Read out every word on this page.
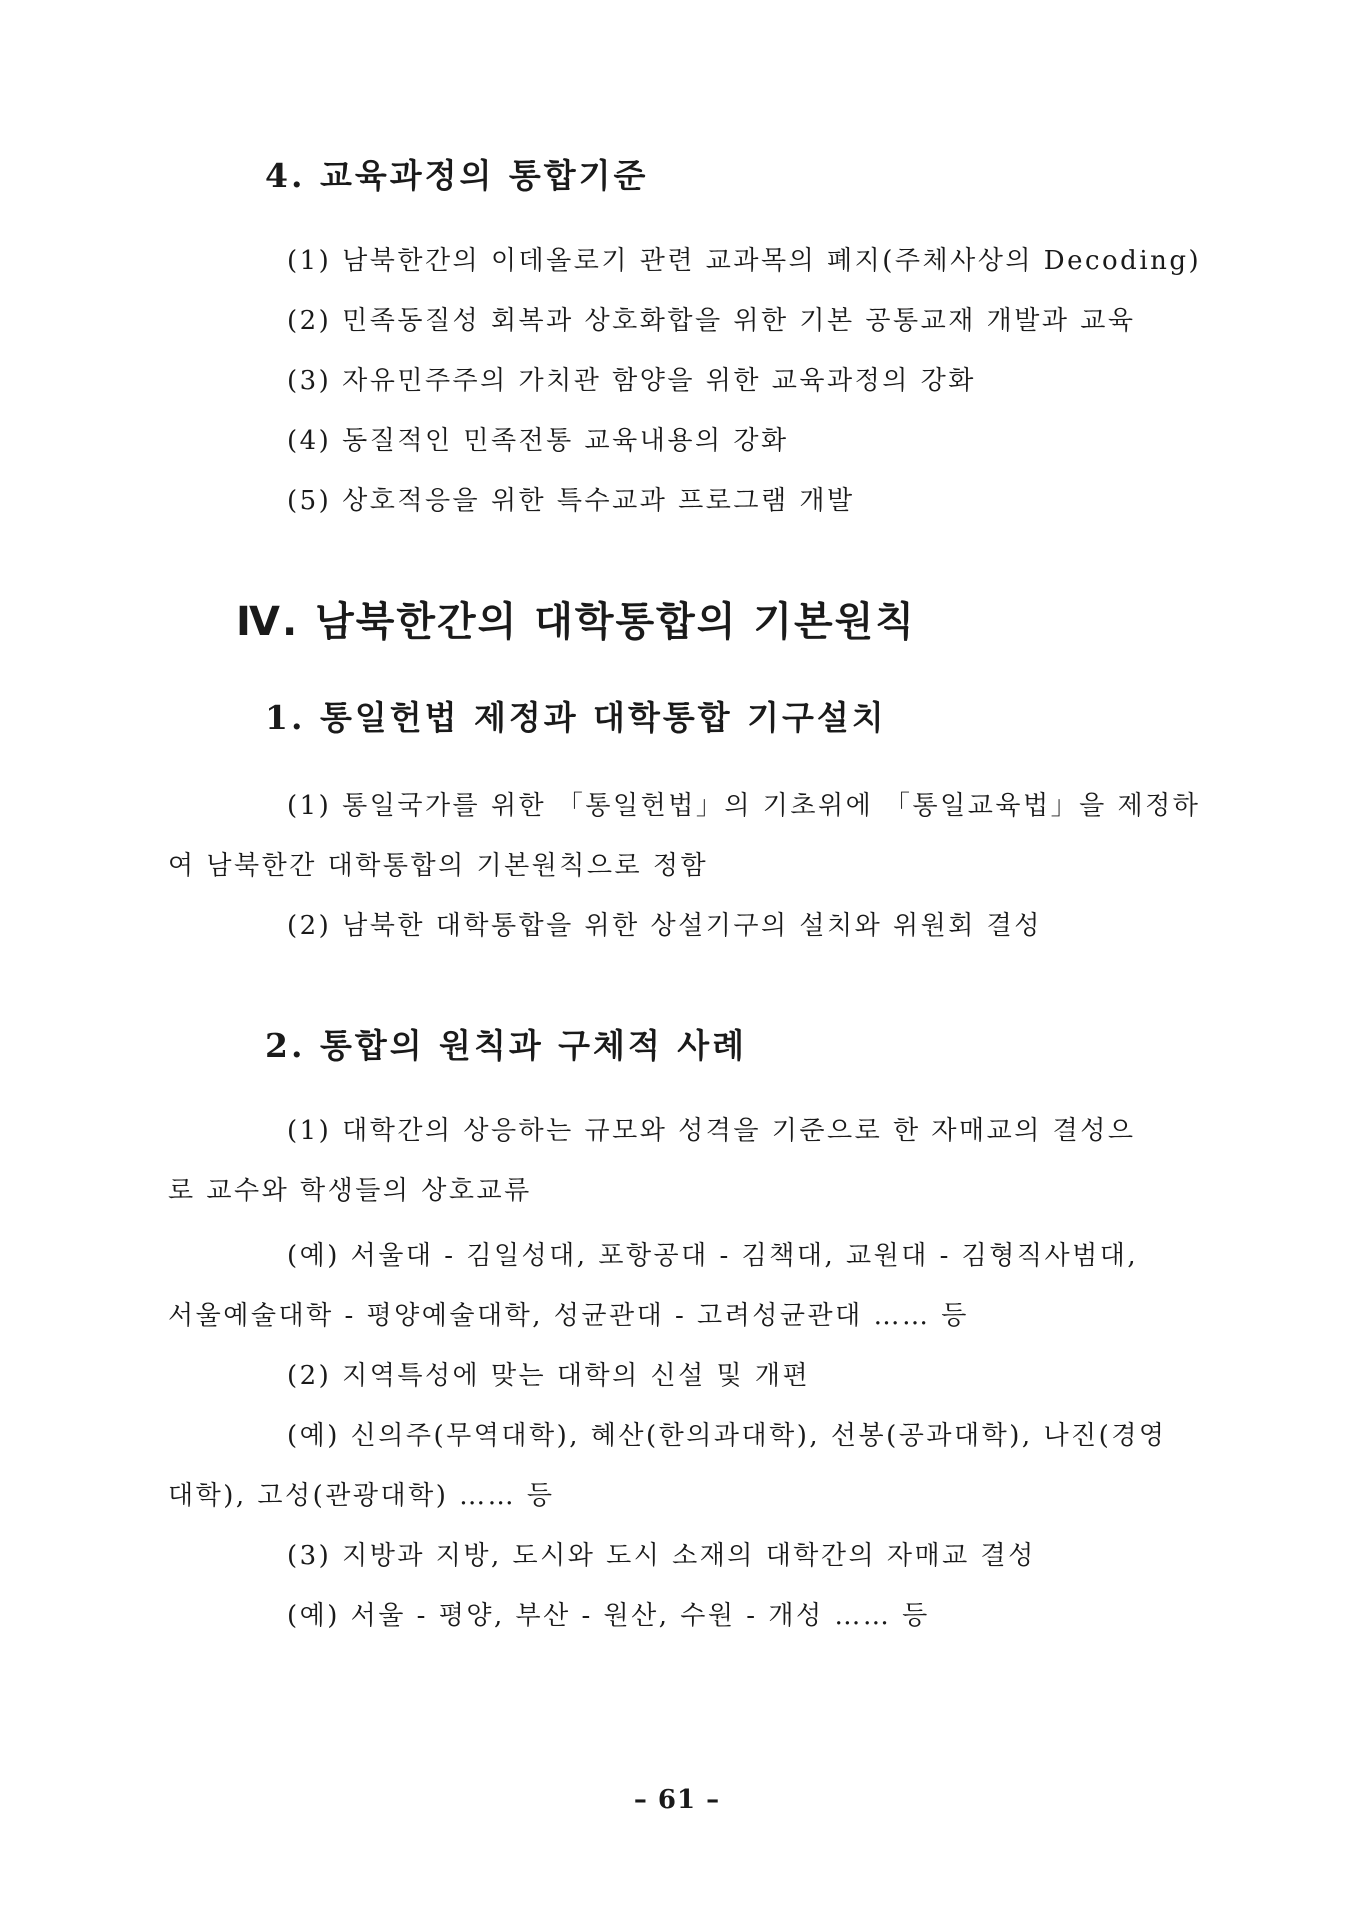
4. 교육과정의 통합기준
(1) 남북한간의 이데올로기 관련 교과목의 폐지(주체사상의 Decoding)
(2) 민족동질성 회복과 상호화합을 위한 기본 공통교재 개발과 교육
(3) 자유민주주의 가치관 함양을 위한 교육과정의 강화
(4) 동질적인 민족전통 교육내용의 강화
(5) 상호적응을 위한 특수교과 프로그램 개발
Ⅳ. 남북한간의 대학통합의 기본원칙
1. 통일헌법 제정과 대학통합 기구설치
(1) 통일국가를 위한 「통일헌법」의 기초위에 「통일교육법」을 제정하
여 남북한간 대학통합의 기본원칙으로 정함
(2) 남북한 대학통합을 위한 상설기구의 설치와 위원회 결성
2. 통합의 원칙과 구체적 사례
(1) 대학간의 상응하는 규모와 성격을 기준으로 한 자매교의 결성으
로 교수와 학생들의 상호교류
(예) 서울대 - 김일성대, 포항공대 - 김책대, 교원대 - 김형직사범대,
서울예술대학 - 평양예술대학, 성균관대 - 고려성균관대 …… 등
(2) 지역특성에 맞는 대학의 신설 및 개편
(예) 신의주(무역대학), 혜산(한의과대학), 선봉(공과대학), 나진(경영
대학), 고성(관광대학) …… 등
(3) 지방과 지방, 도시와 도시 소재의 대학간의 자매교 결성
(예) 서울 - 평양, 부산 - 원산, 수원 - 개성 …… 등
– 61 –
